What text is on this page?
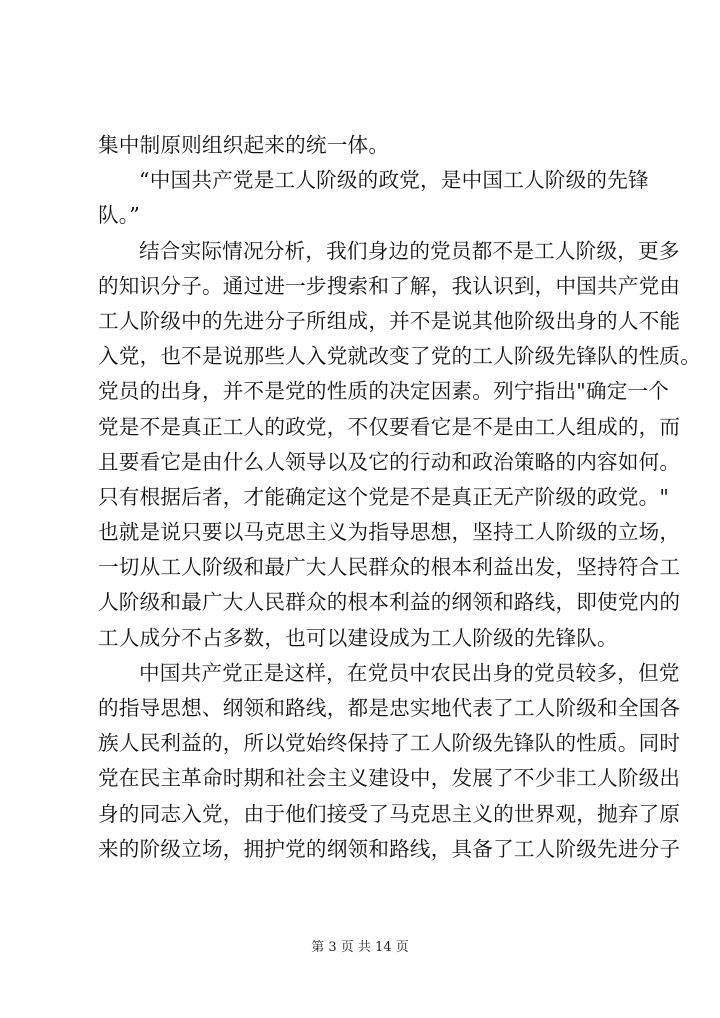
集中制原则组织起来的统一体。
“中国共产党是工人阶级的政党，是中国工人阶级的先锋
队。”
结合实际情况分析，我们身边的党员都不是工人阶级，更多
的知识分子。通过进一步搜索和了解，我认识到，中国共产党由
工人阶级中的先进分子所组成，并不是说其他阶级出身的人不能
入党，也不是说那些人入党就改变了党的工人阶级先锋队的性质。
党员的出身，并不是党的性质的决定因素。列宁指出"确定一个
党是不是真正工人的政党，不仅要看它是不是由工人组成的，而
且要看它是由什么人领导以及它的行动和政治策略的内容如何。
只有根据后者，才能确定这个党是不是真正无产阶级的政党。"
也就是说只要以马克思主义为指导思想，坚持工人阶级的立场，
一切从工人阶级和最广大人民群众的根本利益出发，坚持符合工
人阶级和最广大人民群众的根本利益的纲领和路线，即使党内的
工人成分不占多数，也可以建设成为工人阶级的先锋队。
中国共产党正是这样，在党员中农民出身的党员较多，但党
的指导思想、纲领和路线，都是忠实地代表了工人阶级和全国各
族人民利益的，所以党始终保持了工人阶级先锋队的性质。同时
党在民主革命时期和社会主义建设中，发展了不少非工人阶级出
身的同志入党，由于他们接受了马克思主义的世界观，抛弃了原
来的阶级立场，拥护党的纲领和路线，具备了工人阶级先进分子
第 3 页 共 14 页
